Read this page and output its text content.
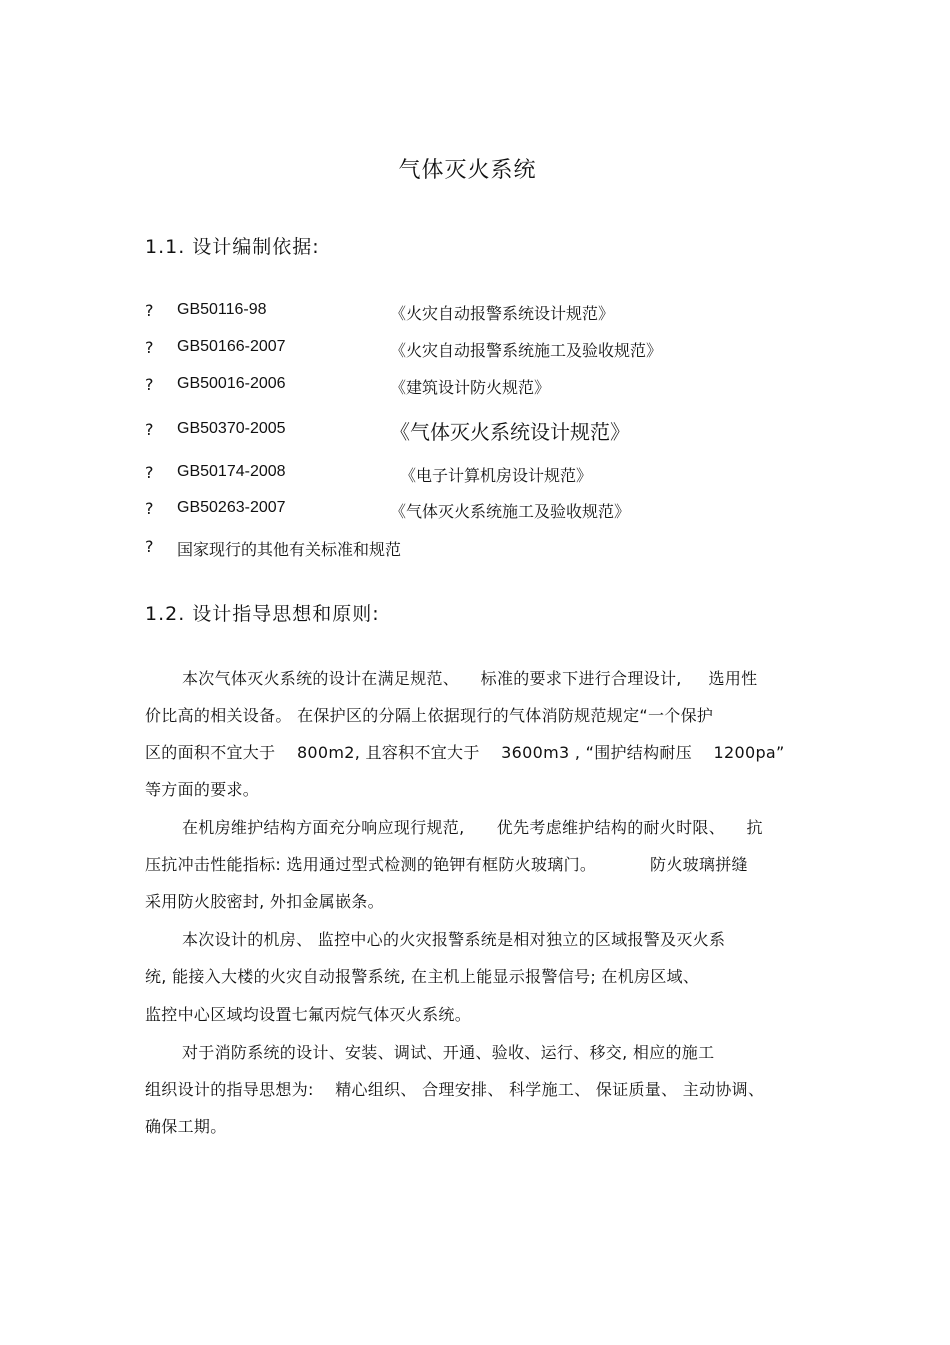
气体灭火系统
1.1. 设计编制依据:
? GB50116-98	《火灾自动报警系统设计规范》
? GB50166-2007	《火灾自动报警系统施工及验收规范》
? GB50016-2006	《建筑设计防火规范》
? GB50370-2005	《气体灭火系统设计规范》
? GB50174-2008	《电子计算机房设计规范》
? GB50263-2007	《气体灭火系统施工及验收规范》
? 国家现行的其他有关标准和规范
1.2. 设计指导思想和原则:
本次气体灭火系统的设计在满足规范、    标准的要求下进行合理设计,     选用性
价比高的相关设备。 在保护区的分隔上依据现行的气体消防规范规定“一个保护
区的面积不宜大于    800m2, 且容积不宜大于    3600m3 , “围护结构耐压    1200pa”
等方面的要求。
在机房维护结构方面充分响应现行规范,      优先考虑维护结构的耐火时限、    抗
压抗冲击性能指标: 选用通过型式检测的铯钾有框防火玻璃门。          防火玻璃拼缝
采用防火胶密封, 外扣金属嵌条。
本次设计的机房、 监控中心的火灾报警系统是相对独立的区域报警及灭火系
统, 能接入大楼的火灾自动报警系统, 在主机上能显示报警信号; 在机房区域、
监控中心区域均设置七氟丙烷气体灭火系统。
对于消防系统的设计、安装、调试、开通、验收、运行、移交, 相应的施工
组织设计的指导思想为:    精心组织、 合理安排、 科学施工、 保证质量、 主动协调、
确保工期。
